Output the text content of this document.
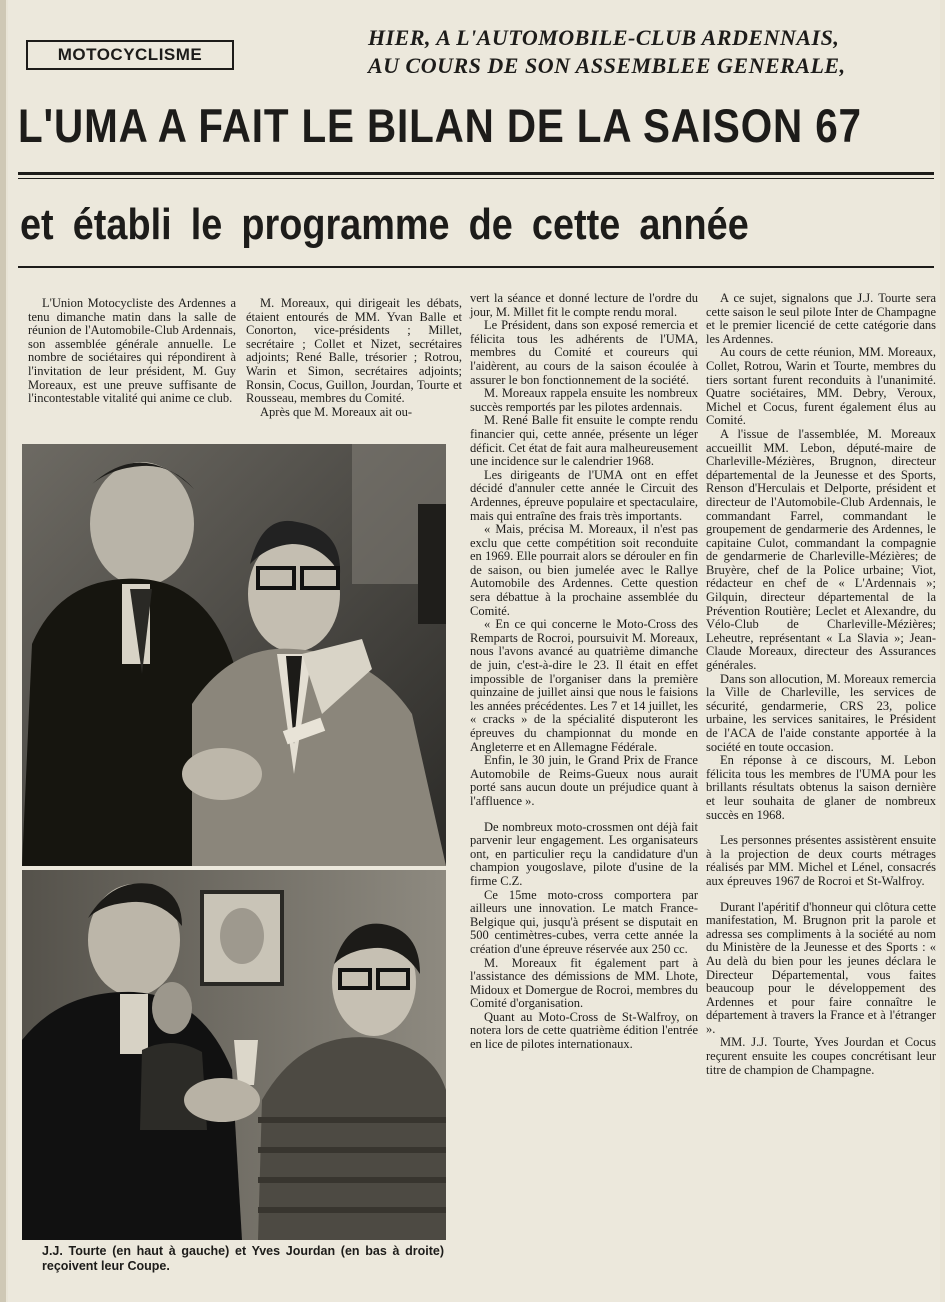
MOTOCYCLISME
HIER, A L'AUTOMOBILE-CLUB ARDENNAIS,
AU COURS DE SON ASSEMBLEE GENERALE,
L'UMA A FAIT LE BILAN DE LA SAISON 67
et établi le programme de cette année

L'Union Motocycliste des Ardennes a tenu dimanche matin dans la salle de réunion de l'Automobile-Club Ardennais, son assemblée générale annuelle. Le nombre de sociétaires qui répondirent à l'invitation de leur président, M. Guy Moreaux, est une preuve suffisante de l'incontestable vitalité qui anime ce club.

M. Moreaux, qui dirigeait les débats, étaient entourés de MM. Yvan Balle et Conorton, vice-présidents ; Millet, secrétaire ; Collet et Nizet, secrétaires adjoints; René Balle, trésorier ; Rotrou, Warin et Simon, secrétaires adjoints; Ronsin, Cocus, Guillon, Jourdan, Tourte et Rousseau, membres du Comité.

Après que M. Moreaux ait ou-

J.J. Tourte (en haut à gauche) et Yves Jourdan (en bas à droite) reçoivent leur Coupe.

vert la séance et donné lecture de l'ordre du jour, M. Millet fit le compte rendu moral.

Le Président, dans son exposé remercia et félicita tous les adhérents de l'UMA, membres du Comité et coureurs qui l'aidèrent, au cours de la saison écoulée à assurer le bon fonctionnement de la société.

M. Moreaux rappela ensuite les nombreux succès remportés par les pilotes ardennais.

M. René Balle fit ensuite le compte rendu financier qui, cette année, présente un léger déficit. Cet état de fait aura malheureusement une incidence sur le calendrier 1968.

Les dirigeants de l'UMA ont en effet décidé d'annuler cette année le Circuit des Ardennes, épreuve populaire et spectaculaire, mais qui entraîne des frais très importants.

« Mais, précisa M. Moreaux, il n'est pas exclu que cette compétition soit reconduite en 1969. Elle pourrait alors se dérouler en fin de saison, ou bien jumelée avec le Rallye Automobile des Ardennes. Cette question sera débattue à la prochaine assemblée du Comité.

« En ce qui concerne le Moto-Cross des Remparts de Rocroi, poursuivit M. Moreaux, nous l'avons avancé au quatrième dimanche de juin, c'est-à-dire le 23. Il était en effet impossible de l'organiser dans la première quinzaine de juillet ainsi que nous le faisions les années précédentes. Les 7 et 14 juillet, les « cracks » de la spécialité disputeront les épreuves du championnat du monde en Angleterre et en Allemagne Fédérale.

Enfin, le 30 juin, le Grand Prix de France Automobile de Reims-Gueux nous aurait porté sans aucun doute un préjudice quant à l'affluence ».

De nombreux moto-crossmen ont déjà fait parvenir leur engagement. Les organisateurs ont, en particulier reçu la candidature d'un champion yougoslave, pilote d'usine de la firme C.Z.

Ce 15me moto-cross comportera par ailleurs une innovation. Le match France-Belgique qui, jusqu'à présent se disputait en 500 centimètres-cubes, verra cette année la création d'une épreuve réservée aux 250 cc.

M. Moreaux fit également part à l'assistance des démissions de MM. Lhote, Midoux et Domergue de Rocroi, membres du Comité d'organisation.

Quant au Moto-Cross de St-Walfroy, on notera lors de cette quatrième édition l'entrée en lice de pilotes internationaux.

A ce sujet, signalons que J.J. Tourte sera cette saison le seul pilote Inter de Champagne et le premier licencié de cette catégorie dans les Ardennes.

Au cours de cette réunion, MM. Moreaux, Collet, Rotrou, Warin et Tourte, membres du tiers sortant furent reconduits à l'unanimité. Quatre sociétaires, MM. Debry, Veroux, Michel et Cocus, furent également élus au Comité.

A l'issue de l'assemblée, M. Moreaux accueillit MM. Lebon, député-maire de Charleville-Mézières, Brugnon, directeur départemental de la Jeunesse et des Sports, Renson d'Herculais et Delporte, président et directeur de l'Automobile-Club Ardennais, le commandant Farrel, commandant le groupement de gendarmerie des Ardennes, le capitaine Culot, commandant la compagnie de gendarmerie de Charleville-Mézières; de Bruyère, chef de la Police urbaine; Viot, rédacteur en chef de « L'Ardennais »; Gilquin, directeur départemental de la Prévention Routière; Leclet et Alexandre, du Vélo-Club de Charleville-Mézières; Leheutre, représentant « La Slavia »; Jean-Claude Moreaux, directeur des Assurances générales.

Dans son allocution, M. Moreaux remercia la Ville de Charleville, les services de sécurité, gendarmerie, CRS 23, police urbaine, les services sanitaires, le Président de l'ACA de l'aide constante apportée à la société en toute occasion.

En réponse à ce discours, M. Lebon félicita tous les membres de l'UMA pour les brillants résultats obtenus la saison dernière et leur souhaita de glaner de nombreux succès en 1968.

Les personnes présentes assistèrent ensuite à la projection de deux courts métrages réalisés par MM. Michel et Lénel, consacrés aux épreuves 1967 de Rocroi et St-Walfroy.

Durant l'apéritif d'honneur qui clôtura cette manifestation, M. Brugnon prit la parole et adressa ses compliments à la société au nom du Ministère de la Jeunesse et des Sports : « Au delà du bien pour les jeunes déclara le Directeur Départemental, vous faites beaucoup pour le développement des Ardennes et pour faire connaître le département à travers la France et à l'étranger ».

MM. J.J. Tourte, Yves Jourdan et Cocus reçurent ensuite les coupes concrétisant leur titre de champion de Champagne.
